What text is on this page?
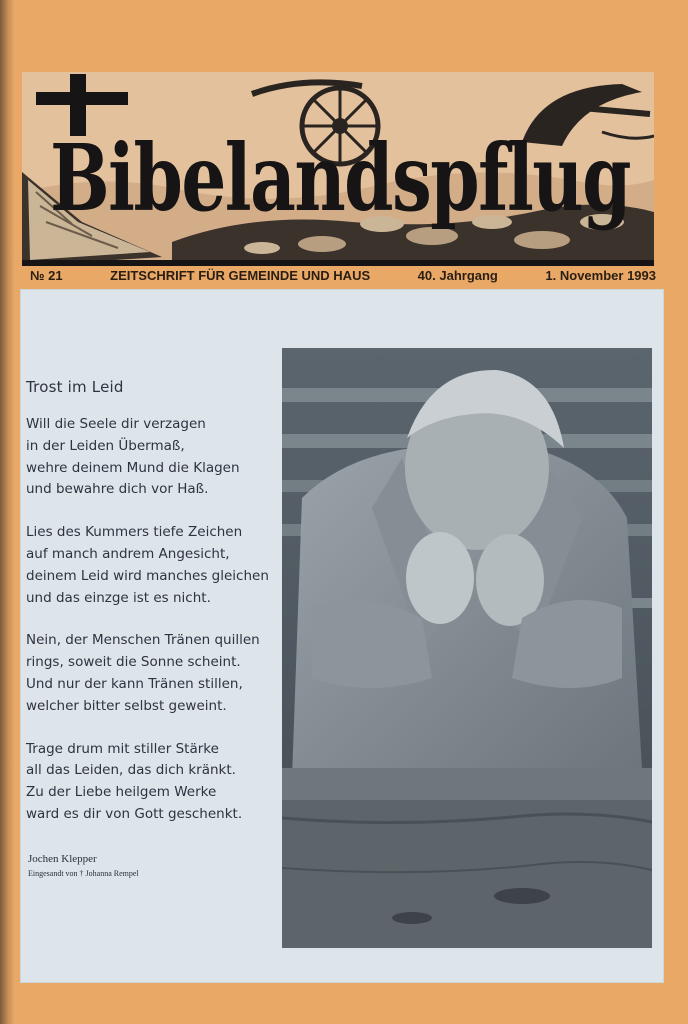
Bibelandspflug
№ 21	ZEITSCHRIFT FÜR GEMEINDE UND HAUS	40. Jahrgang	1. November 1993
Trost im Leid
Will die Seele dir verzagen
in der Leiden Übermaß,
wehre deinem Mund die Klagen
und bewahre dich vor Haß.
Lies des Kummers tiefe Zeichen
auf manch andrem Angesicht,
deinem Leid wird manches gleichen
und das einzge ist es nicht.
Nein, der Menschen Tränen quillen
rings, soweit die Sonne scheint.
Und nur der kann Tränen stillen,
welcher bitter selbst geweint.
Trage drum mit stiller Stärke
all das Leiden, das dich kränkt.
Zu der Liebe heilgem Werke
ward es dir von Gott geschenkt.
Jochen Klepper
Eingesandt von † Johanna Rempel
